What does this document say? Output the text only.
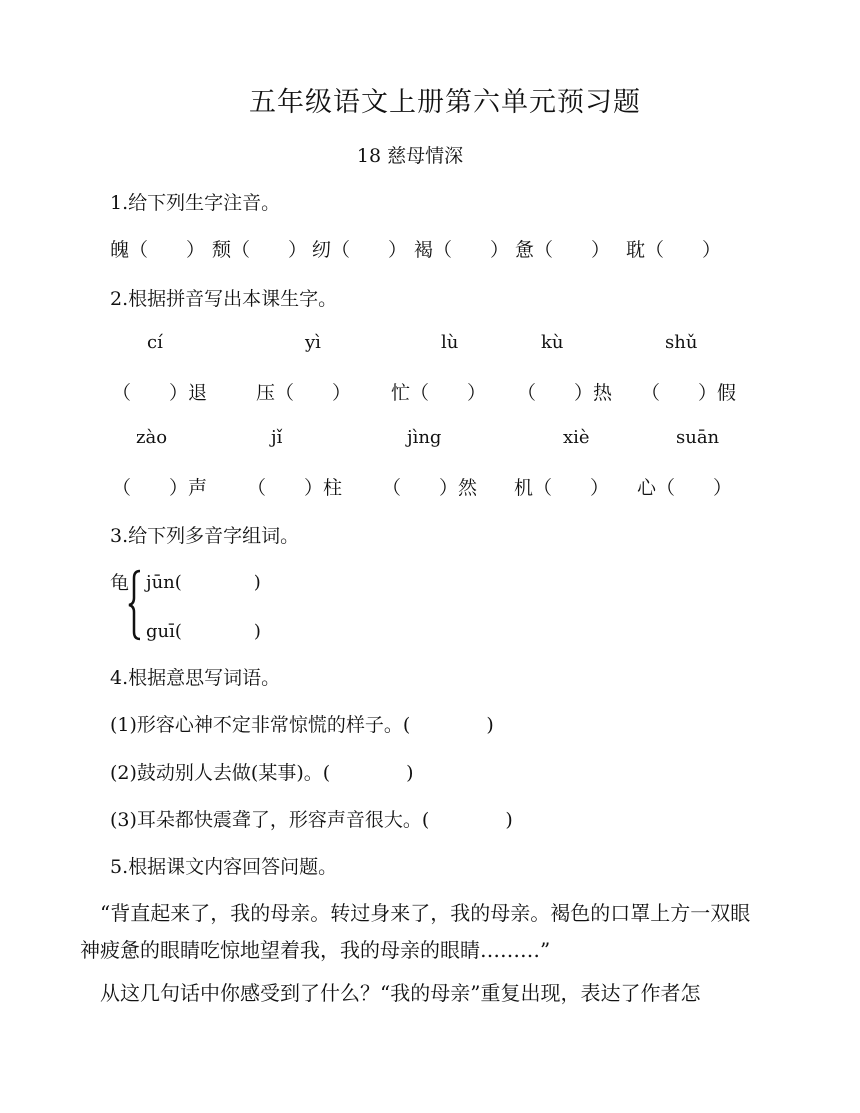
五年级语文上册第六单元预习题
18 慈母情深
1.给下列生字注音。
魄（　　） 颓（　　） 纫（　　） 褐（　　） 惫（　　） 耽（　　）
2.根据拼音写出本课生字。
cí	yì	lù	kù	shǔ
（　　）退	压（　　） 忙（　　） （　　）热 （　　）假
zào	jǐ	jìng	xiè	suān
（　　）声 （　　）柱 （　　）然 机（　　） 心（　　）
3.给下列多音字组词。
龟 jūn(　　　　)
guī(　　　　)
4.根据意思写词语。
(1)形容心神不定非常惊慌的样子。(　　　　)
(2)鼓动别人去做(某事)。(　　　　)
(3)耳朵都快震聋了，形容声音很大。(　　　　)
5.根据课文内容回答问题。
　“背直起来了，我的母亲。转过身来了，我的母亲。褐色的口罩上方一双眼神疲惫的眼睛吃惊地望着我，我的母亲的眼睛………”
　从这几句话中你感受到了什么？“我的母亲”重复出现，表达了作者怎
